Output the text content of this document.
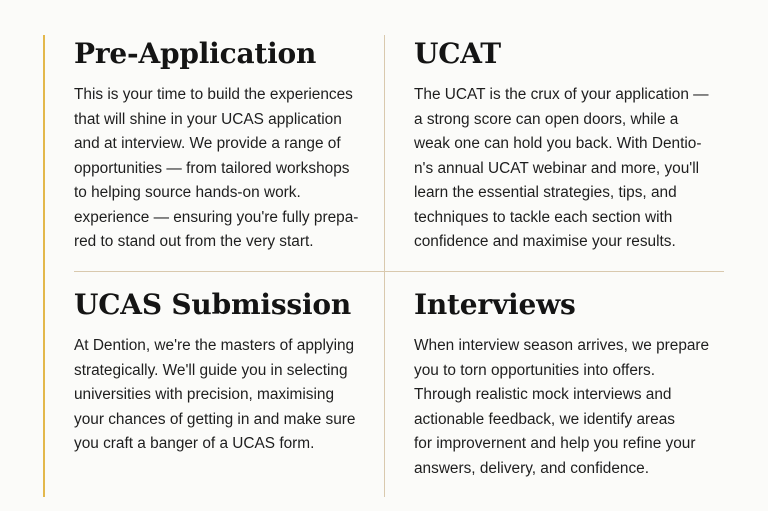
Pre-Application

This is your time to build the experiences
that will shine in your UCAS application
and at interview. We provide a range of
opportunities — from tailored workshops
to helping source hands-on work.
experience — ensuring you're fully prepa-
red to stand out from the very start.

UCAT

The UCAT is the crux of your application —
a strong score can open doors, while a
weak one can hold you back. With Dentio-
n's annual UCAT webinar and more, you'll
learn the essential strategies, tips, and
techniques to tackle each section with
confidence and maximise your results.

UCAS Submission

At Dention, we're the masters of applying
strategically. We'll guide you in selecting
universities with precision, maximising
your chances of getting in and make sure
you craft a banger of a UCAS form.

Interviews

When interview season arrives, we prepare
you to torn opportunities into offers.
Through realistic mock interviews and
actionable feedback, we identify areas
for improvernent and help you refine your
answers, delivery, and confidence.
